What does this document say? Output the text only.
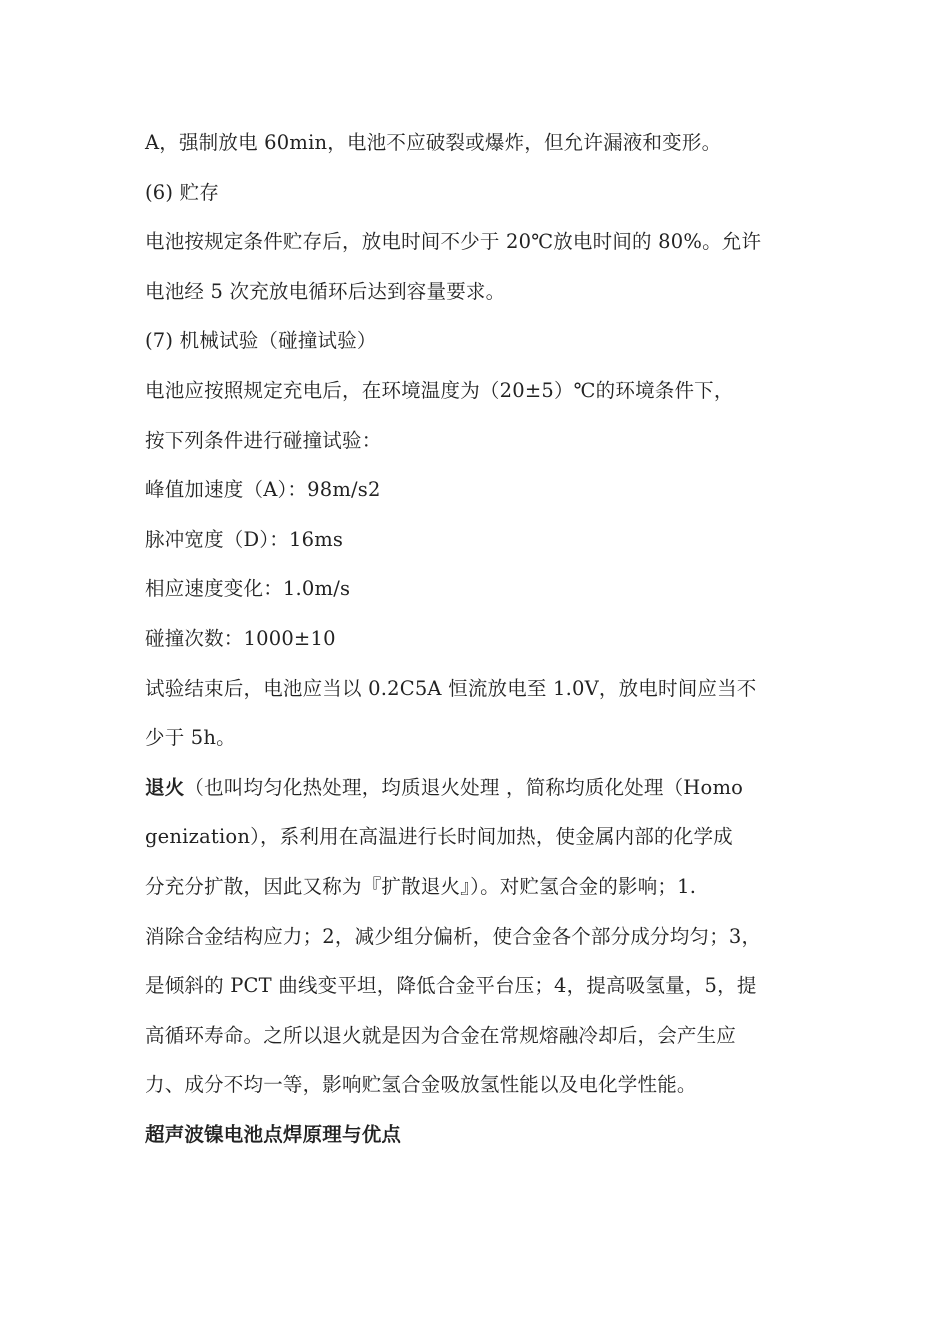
A，强制放电 60min，电池不应破裂或爆炸，但允许漏液和变形。
(6) 贮存
电池按规定条件贮存后，放电时间不少于 20℃放电时间的 80%。允许
电池经 5 次充放电循环后达到容量要求。
(7) 机械试验（碰撞试验）
电池应按照规定充电后，在环境温度为（20±5）℃的环境条件下，
按下列条件进行碰撞试验：
峰值加速度（A）：98m/s2
脉冲宽度（D）：16ms
相应速度变化：1.0m/s
碰撞次数：1000±10
试验结束后，电池应当以 0.2C5A 恒流放电至 1.0V，放电时间应当不
少于 5h。
退火（也叫均匀化热处理，均质退火处理 ，简称均质化处理（Homo
genization），系利用在高温进行长时间加热，使金属内部的化学成
分充分扩散，因此又称为『扩散退火』）。对贮氢合金的影响；1.
消除合金结构应力；2，减少组分偏析，使合金各个部分成分均匀；3，
是倾斜的 PCT 曲线变平坦，降低合金平台压；4，提高吸氢量，5，提
高循环寿命。之所以退火就是因为合金在常规熔融冷却后，会产生应
力、成分不均一等，影响贮氢合金吸放氢性能以及电化学性能。
超声波镍电池点焊原理与优点
